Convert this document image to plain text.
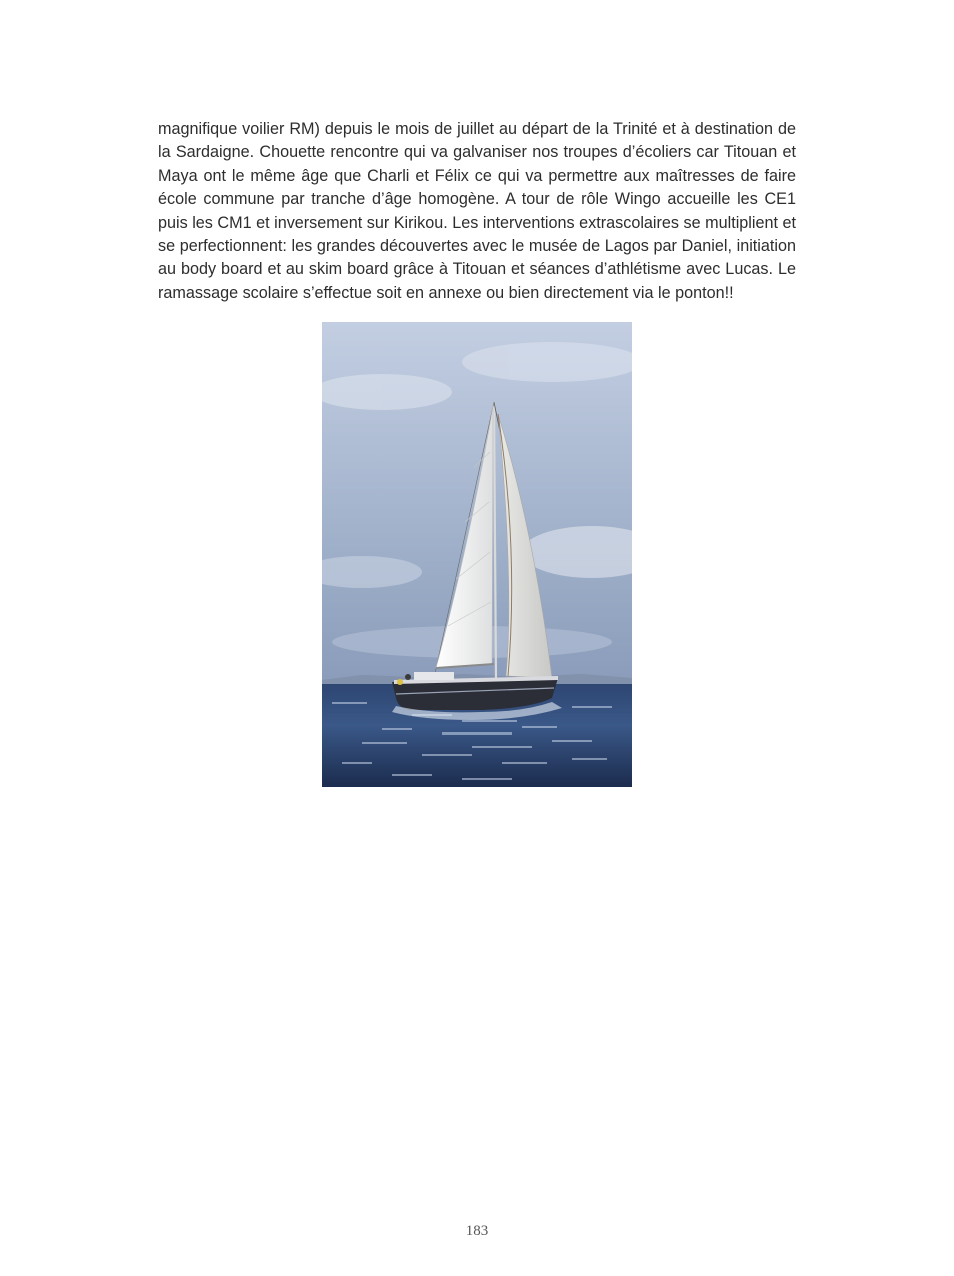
magnifique voilier RM) depuis le mois de juillet au départ de la Trinité et à destination de la Sardaigne. Chouette rencontre qui va galvaniser nos troupes d’écoliers car Titouan et Maya ont le même âge que Charli et Félix ce qui va permettre aux maîtresses de faire école commune par tranche d’âge homogène. A tour de rôle Wingo accueille les CE1 puis les CM1 et inversement sur Kirikou. Les interventions extrascolaires se multiplient et se perfectionnent: les grandes découvertes avec le musée de Lagos par Daniel, initiation au body board et au skim board grâce à Titouan et séances d’athlétisme avec Lucas. Le ramassage scolaire s’effectue soit en annexe ou bien directement via le ponton!!

183
